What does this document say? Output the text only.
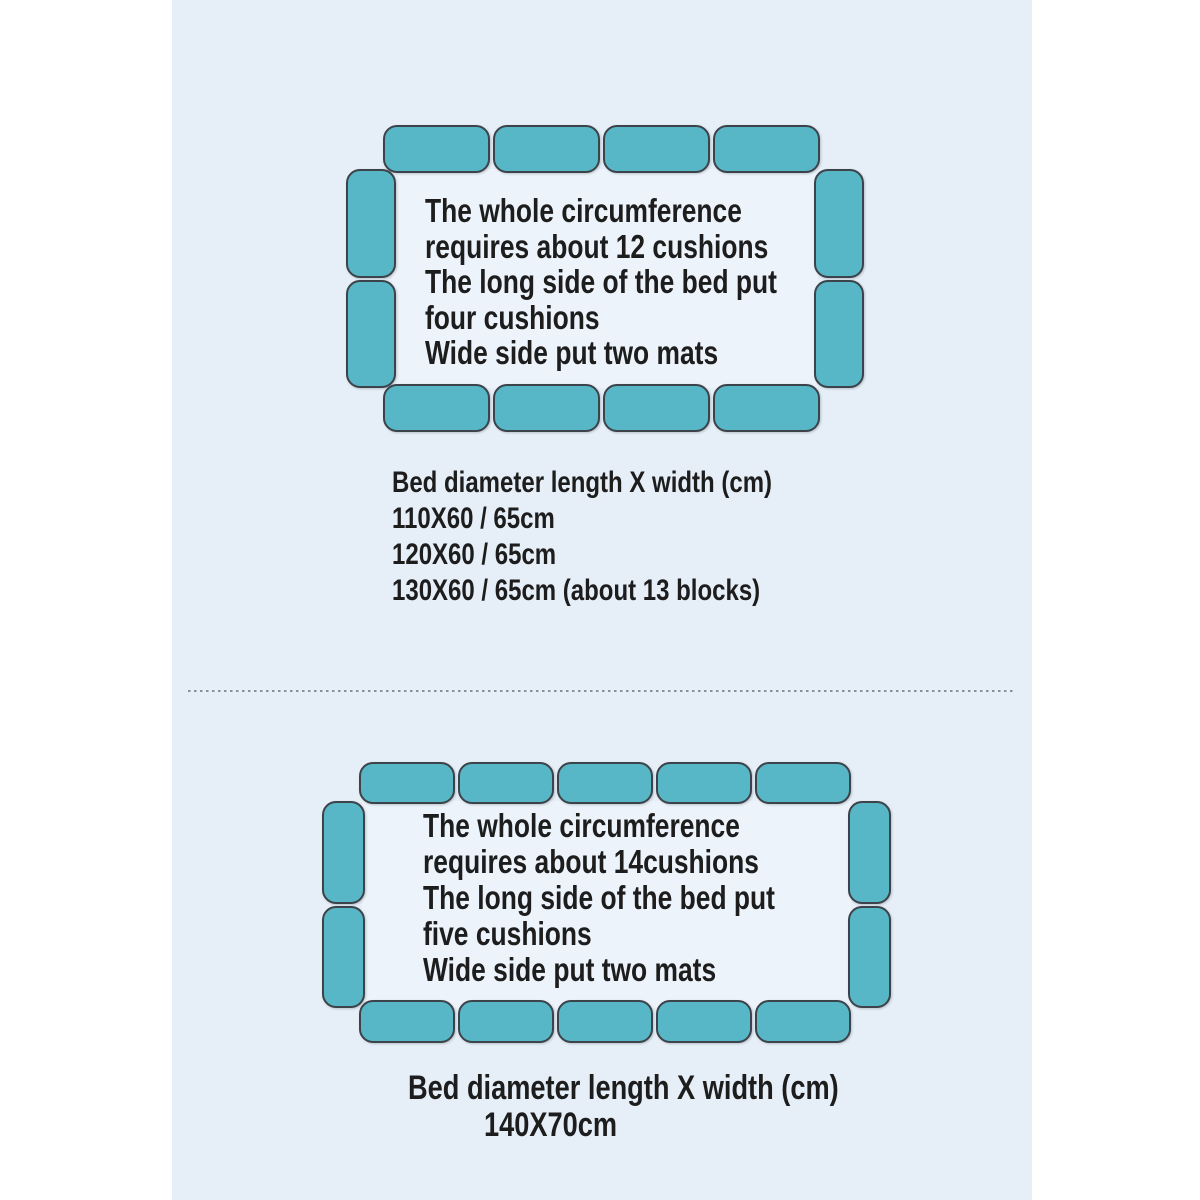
The whole circumference
requires about 12 cushions
The long side of the bed put
four cushions
Wide side put two mats
Bed diameter length X width (cm)
110X60 / 65cm
120X60 / 65cm
130X60 / 65cm (about 13 blocks)
The whole circumference
requires about 14cushions
The long side of the bed put
five cushions
Wide side put two mats
Bed diameter length X width (cm)
140X70cm
